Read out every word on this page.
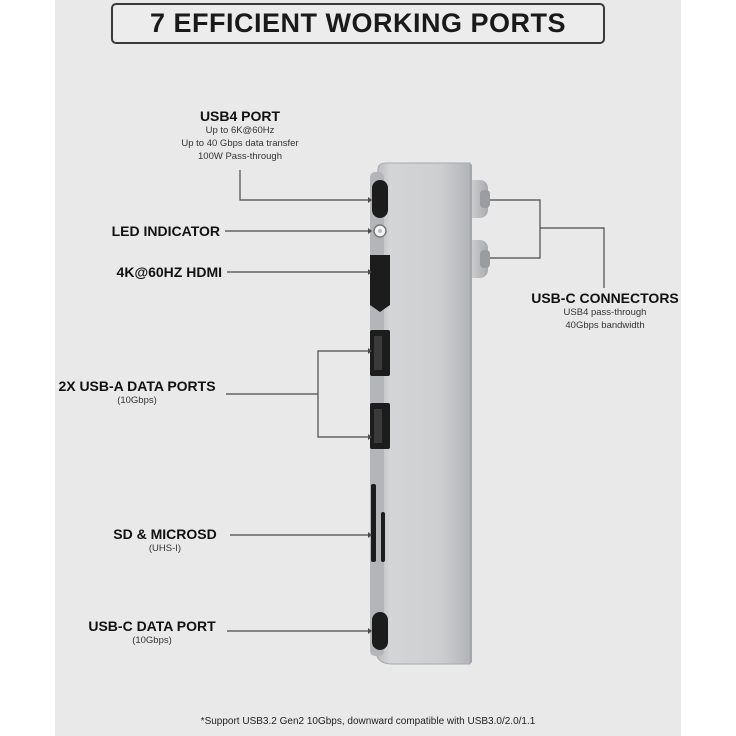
7 EFFICIENT WORKING PORTS
USB4 PORT
Up to 6K@60Hz
Up to 40 Gbps data transfer
100W Pass-through
LED INDICATOR
4K@60HZ HDMI
2X USB-A DATA PORTS
(10Gbps)
SD & MICROSD
(UHS-I)
USB-C DATA PORT
(10Gbps)
USB-C CONNECTORS
USB4 pass-through
40Gbps bandwidth
*Support USB3.2 Gen2 10Gbps, downward compatible with USB3.0/2.0/1.1
